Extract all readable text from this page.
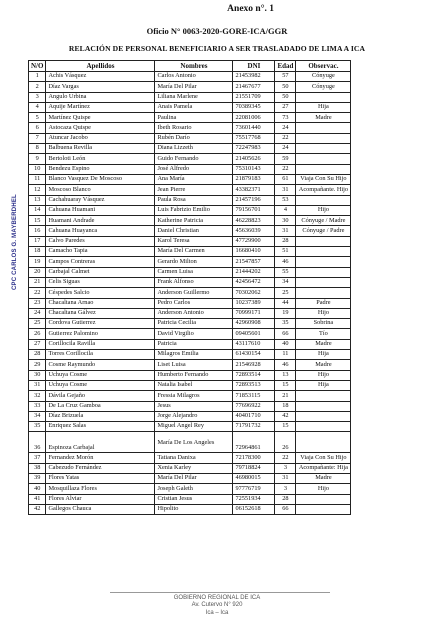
Anexo n°. 1
Oficio N° 0063-2020-GORE-ICA/GGR
RELACIÓN DE PERSONAL BENEFICIARIO A SER TRASLADADO DE LIMA A ICA
CPC CARLOS G. MAYBERDHEL
N/O	Apellidos	Nombres	DNI	Edad	Observac.
1	Achis Vásquez	Carlos Antonio	21453982	57	Cónyuge
2	Díaz Vargas	María Del Pilar	21467677	50	Cónyuge
3	Angulo Urbina	Liliana Marlene	21551709	50	
4	Aquije Martínez	Anais Pamela	70389345	27	Hija
5	Martínez Quispe	Paulina	22081006	73	Madre
6	Astocaza Quispe	Ibeth Rosario	73601440	24	
7	Atuncar Jacobo	Rubén Darío	75517768	22	
8	Balbuena Revilla	Diana Lizzeth	72247983	24	
9	Bertoloti León	Guido Fernando	21405626	59	
10	Bendezu Espino	José Alfredo	75310143	22	
11	Blanco Vasquez De Moscoso	Ana María	21879183	61	Viaja Con Su Hijo
12	Moscoso Blanco	Jean Pierre	43382371	31	Acompañante. Hijo
13	Cachahuaray Vásquez	Paula Rosa	21457196	53	
14	Cahuana Huamani	Luis Fabrizio Emilio	79156701	4	Hijo
15	Huamani Andrade	Katherine Patricia	46228823	30	Cónyuge / Madre
16	Cahuana Huayanca	Daniel Christian	45636039	31	Cónyuge / Padre
17	Calvo Paredes	Karol Teresa	47729900	28	
18	Camacho Tapia	María Del Carmen	16680410	51	
19	Campos Contreras	Gerardo Milton	21547857	46	
20	Carbajal Calmet	Carmen Luisa	21444202	55	
21	Celis Siguas	Frank Alfonso	42456472	34	
22	Céspedes Salcio	Anderson Guillermo	70302062	25	
23	Chacaltana Arnao	Pedro Carlos	10237389	44	Padre
24	Chacaltana Gálvez	Anderson Antonio	70999171	19	Hijo
25	Cordova Gutierrez	Patricia Cecilia	42960908	35	Sobrina
26	Gutierrez Palomino	David Virgilio	09405601	66	Tío
27	Corillocila Ravilla	Patricia	43117610	40	Madre
28	Torres Corillocila	Milagros Emilia	61430154	11	Hija
29	Cosme Raymundo	Liset Luisa	21546928	46	Madre
30	Uchuya Cosme	Humberto Fernando	72893514	13	Hijo
31	Uchuya Cosme	Natalia Isabel	72893513	15	Hija
32	Dávila Gejaño	Fressia Milagros	71853115	21	
33	De La Cruz Gamboa	Jesus	77696922	18	
34	Díaz Brizuela	Jorge Alejandro	40401710	42	
35	Enriquez Salas	Miguel Angel Rey	71791732	15	
36	Espinoza Carbajal	María De Los Angeles	72964861	26	
37	Fernandez Morón	Tatiana Danixa	72178300	22	Viaja Con Su Hijo
38	Cabezudo Fernández	Xenia Karley	79718824	3	Acompañante: Hija
39	Flores Yatas	María Del Pilar	46980015	31	Madre
40	Mosquillaza Flores	Joseph Galeth	97776719	3	Hijo
41	Flores Alviar	Cristian Jesus	72551934	28	
42	Gallegos Chauca	Hipolito	06152618	66	
GOBIERNO REGIONAL DE ICA
Av. Cutervo N° 920
Ica – Ica
